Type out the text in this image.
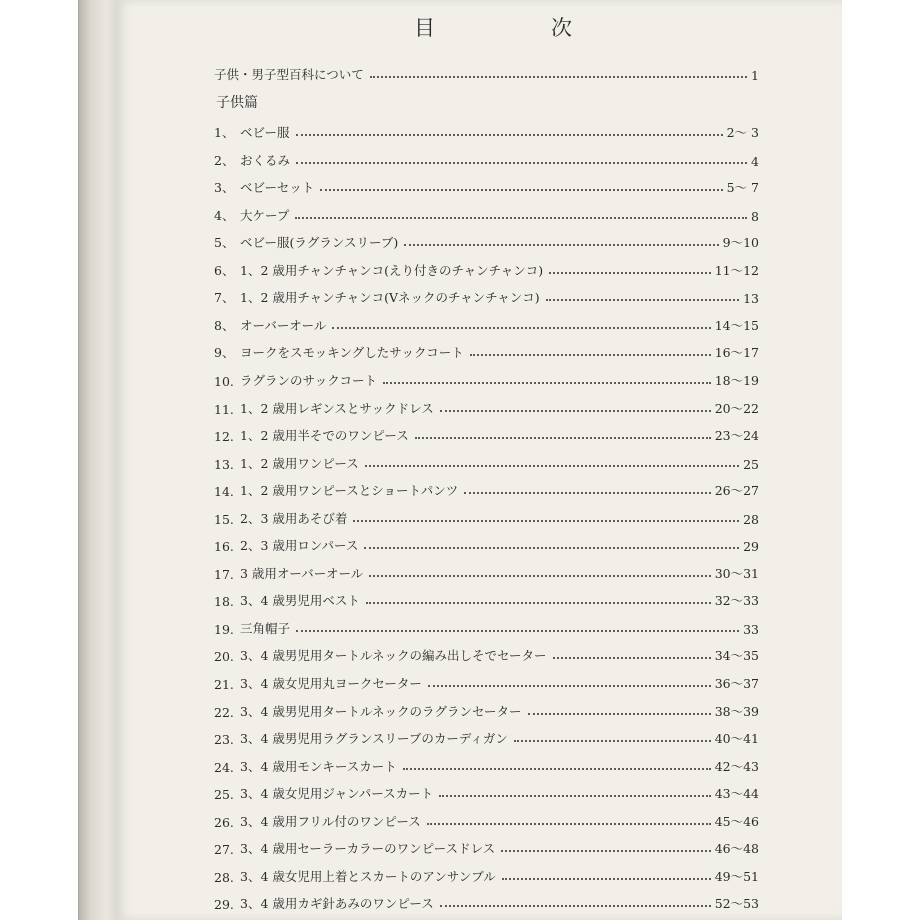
目	次
子供・男子型百科について	1
子供篇
1、 ベビー服	2～ 3
2、 おくるみ	4
3、 ベビーセット	5～ 7
4、 大ケープ	8
5、 ベビー服(ラグランスリーブ)	9～10
6、 1、2 歳用チャンチャンコ(えり付きのチャンチャンコ)	11～12
7、 1、2 歳用チャンチャンコ(Vネックのチャンチャンコ)	13
8、 オーバーオール	14～15
9、 ヨークをスモッキングしたサックコート	16～17
10. ラグランのサックコート	18～19
11. 1、2 歳用レギンスとサックドレス	20～22
12. 1、2 歳用半そでのワンピース	23～24
13. 1、2 歳用ワンピース	25
14. 1、2 歳用ワンピースとショートパンツ	26～27
15. 2、3 歳用あそび着	28
16. 2、3 歳用ロンパース	29
17. 3 歳用オーバーオール	30～31
18. 3、4 歳男児用ベスト	32～33
19. 三角帽子	33
20. 3、4 歳男児用タートルネックの編み出しそでセーター	34～35
21. 3、4 歳女児用丸ヨークセーター	36～37
22. 3、4 歳男児用タートルネックのラグランセーター	38～39
23. 3、4 歳男児用ラグランスリーブのカーディガン	40～41
24. 3、4 歳用モンキースカート	42～43
25. 3、4 歳女児用ジャンパースカート	43～44
26. 3、4 歳用フリル付のワンピース	45～46
27. 3、4 歳用セーラーカラーのワンピースドレス	46～48
28. 3、4 歳女児用上着とスカートのアンサンブル	49～51
29. 3、4 歳用カギ針あみのワンピース	52～53
